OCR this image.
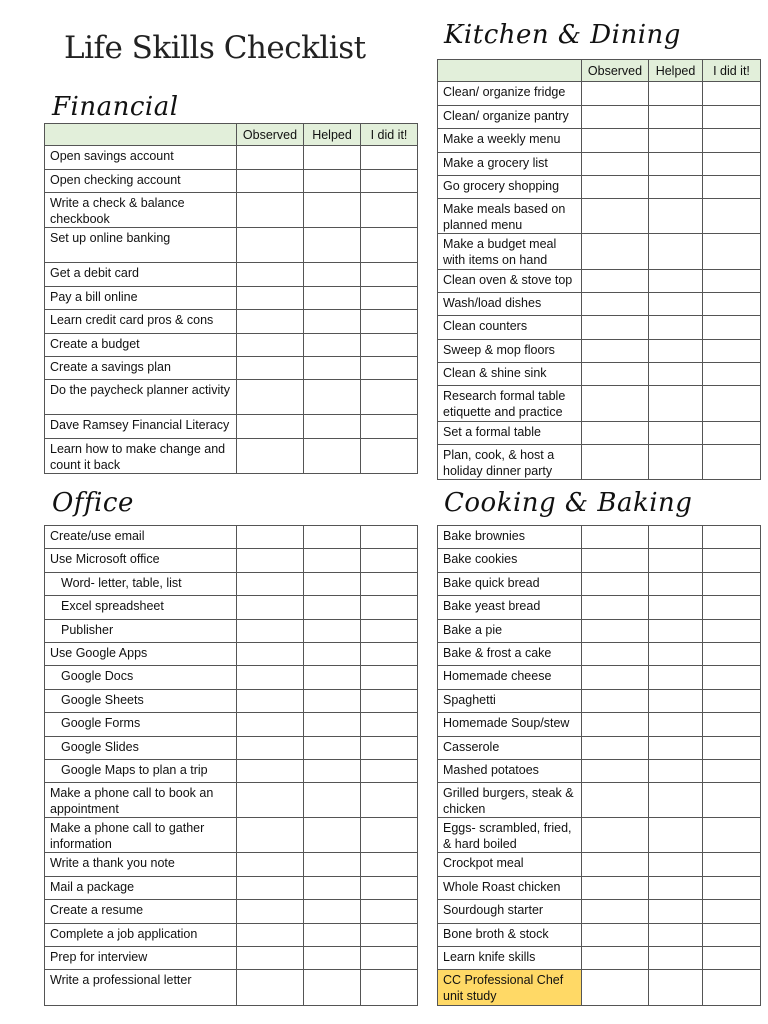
Life Skills Checklist
Financial
	Observed	Helped	I did it!
Open savings account			
Open checking account			
Write a check & balance checkbook			
Set up online banking			
Get a debit card			
Pay a bill online			
Learn credit card pros & cons			
Create a budget			
Create a savings plan			
Do the paycheck planner activity			
Dave Ramsey Financial Literacy			
Learn how to make change and count it back			
Kitchen & Dining
	Observed	Helped	I did it!
Clean/ organize fridge			
Clean/ organize pantry			
Make a weekly menu			
Make a grocery list			
Go grocery shopping			
Make meals based on planned menu			
Make a budget meal with items on hand			
Clean oven & stove top			
Wash/load dishes			
Clean counters			
Sweep & mop floors			
Clean & shine sink			
Research formal table etiquette and practice			
Set a formal table			
Plan, cook, & host a holiday dinner party			
Office
Create/use email			
Use Microsoft office			
Word- letter, table, list			
Excel spreadsheet			
Publisher			
Use Google Apps			
Google Docs			
Google Sheets			
Google Forms			
Google Slides			
Google Maps to plan a trip			
Make a phone call to book an appointment			
Make a phone call to gather information			
Write a thank you note			
Mail a package			
Create a resume			
Complete a job application			
Prep for interview			
Write a professional letter			
Cooking & Baking
Bake brownies			
Bake cookies			
Bake quick bread			
Bake yeast bread			
Bake a pie			
Bake & frost a cake			
Homemade cheese			
Spaghetti			
Homemade Soup/stew			
Casserole			
Mashed potatoes			
Grilled burgers, steak & chicken			
Eggs- scrambled, fried, & hard boiled			
Crockpot meal			
Whole Roast chicken			
Sourdough starter			
Bone broth & stock			
Learn knife skills			
CC Professional Chef unit study			
